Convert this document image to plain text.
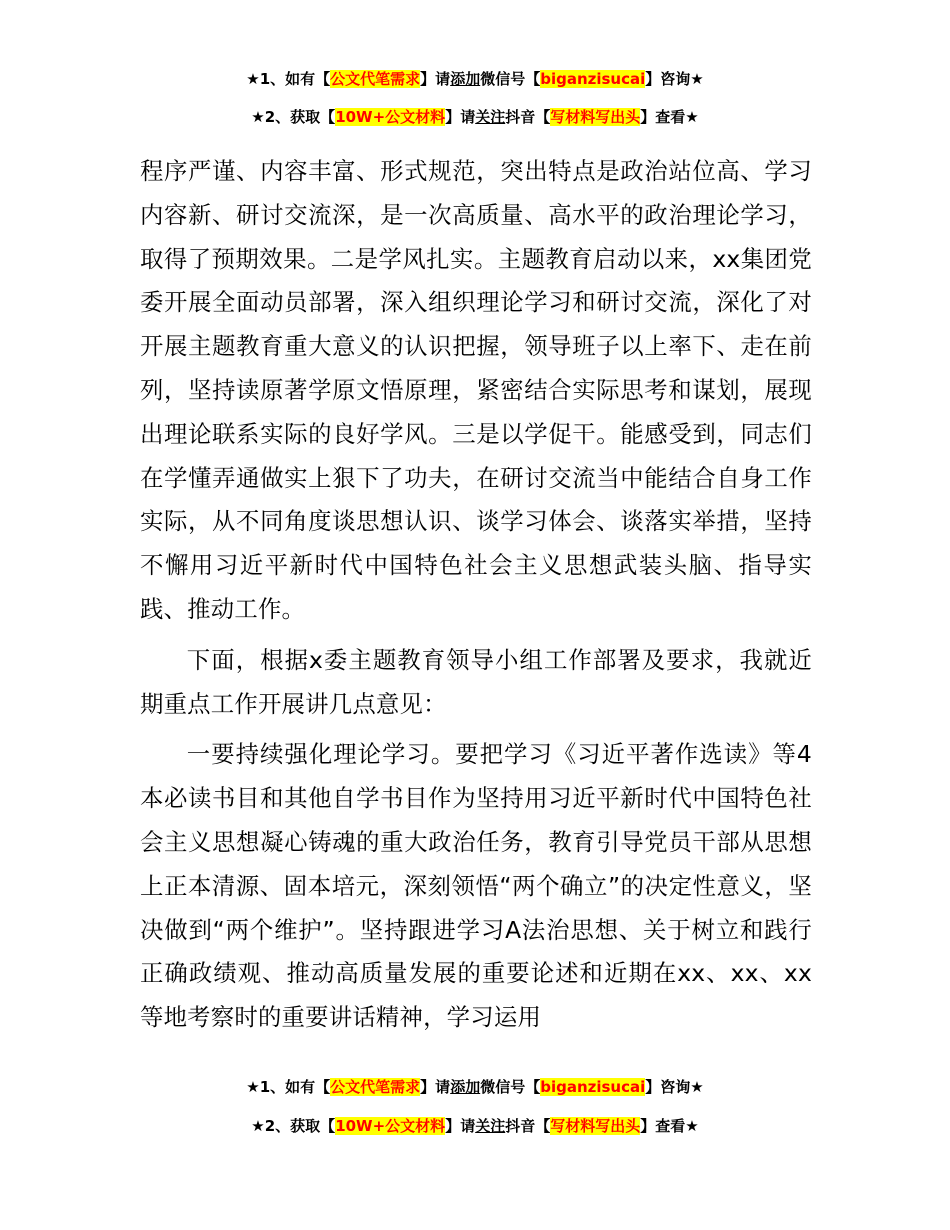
★1、如有【公文代笔需求】请添加微信号【biganzisucai】咨询★
★2、获取【10W+公文材料】请关注抖音【写材料写出头】查看★

程序严谨、内容丰富、形式规范，突出特点是政治站位高、学习内容新、研讨交流深，是一次高质量、高水平的政治理论学习，取得了预期效果。二是学风扎实。主题教育启动以来，xx集团党委开展全面动员部署，深入组织理论学习和研讨交流，深化了对开展主题教育重大意义的认识把握，领导班子以上率下、走在前列，坚持读原著学原文悟原理，紧密结合实际思考和谋划，展现出理论联系实际的良好学风。三是以学促干。能感受到，同志们在学懂弄通做实上狠下了功夫，在研讨交流当中能结合自身工作实际，从不同角度谈思想认识、谈学习体会、谈落实举措，坚持不懈用习近平新时代中国特色社会主义思想武装头脑、指导实践、推动工作。

下面，根据x委主题教育领导小组工作部署及要求，我就近期重点工作开展讲几点意见：

一要持续强化理论学习。要把学习《习近平著作选读》等4本必读书目和其他自学书目作为坚持用习近平新时代中国特色社会主义思想凝心铸魂的重大政治任务，教育引导党员干部从思想上正本清源、固本培元，深刻领悟“两个确立”的决定性意义，坚决做到“两个维护”。坚持跟进学习A法治思想、关于树立和践行正确政绩观、推动高质量发展的重要论述和近期在xx、xx、xx等地考察时的重要讲话精神，学习运用

★1、如有【公文代笔需求】请添加微信号【biganzisucai】咨询★
★2、获取【10W+公文材料】请关注抖音【写材料写出头】查看★
